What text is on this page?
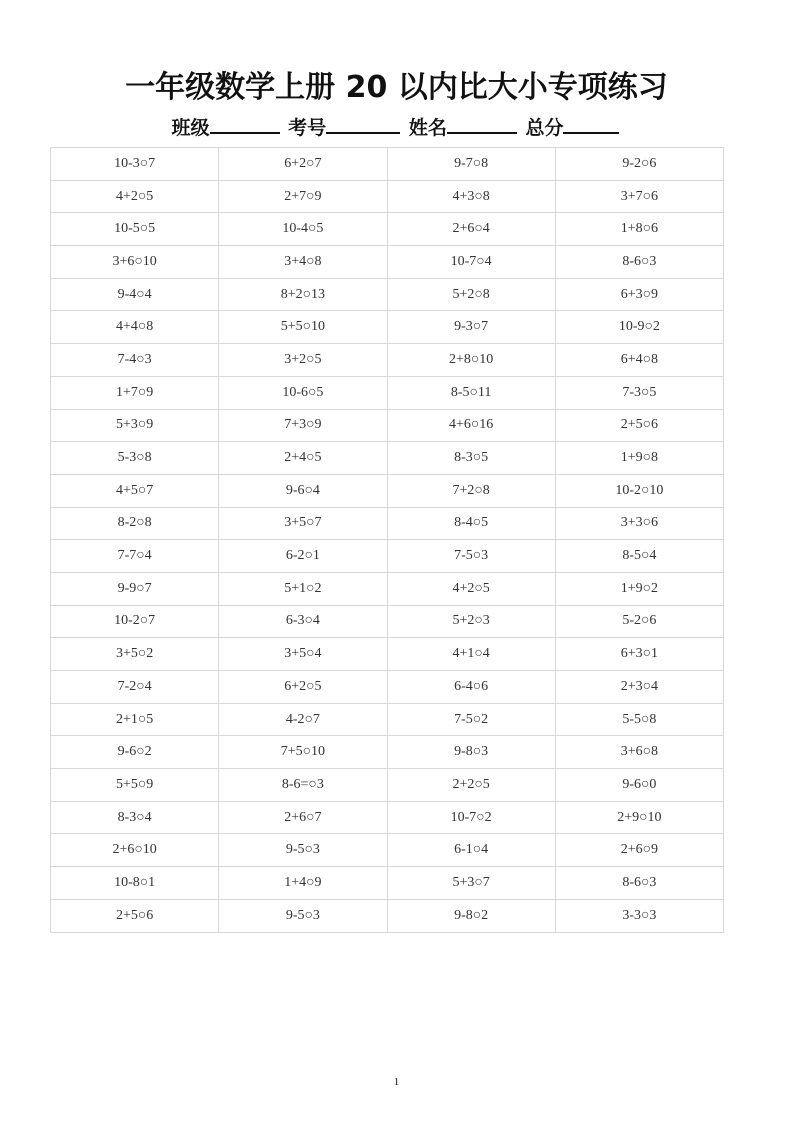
一年级数学上册 20 以内比大小专项练习
班级	考号	姓名	总分
10-3○7	6+2○7	9-7○8	9-2○6
4+2○5	2+7○9	4+3○8	3+7○6
10-5○5	10-4○5	2+6○4	1+8○6
3+6○10	3+4○8	10-7○4	8-6○3
9-4○4	8+2○13	5+2○8	6+3○9
4+4○8	5+5○10	9-3○7	10-9○2
7-4○3	3+2○5	2+8○10	6+4○8
1+7○9	10-6○5	8-5○11	7-3○5
5+3○9	7+3○9	4+6○16	2+5○6
5-3○8	2+4○5	8-3○5	1+9○8
4+5○7	9-6○4	7+2○8	10-2○10
8-2○8	3+5○7	8-4○5	3+3○6
7-7○4	6-2○1	7-5○3	8-5○4
9-9○7	5+1○2	4+2○5	1+9○2
10-2○7	6-3○4	5+2○3	5-2○6
3+5○2	3+5○4	4+1○4	6+3○1
7-2○4	6+2○5	6-4○6	2+3○4
2+1○5	4-2○7	7-5○2	5-5○8
9-6○2	7+5○10	9-8○3	3+6○8
5+5○9	8-6=○3	2+2○5	9-6○0
8-3○4	2+6○7	10-7○2	2+9○10
2+6○10	9-5○3	6-1○4	2+6○9
10-8○1	1+4○9	5+3○7	8-6○3
2+5○6	9-5○3	9-8○2	3-3○3
1
